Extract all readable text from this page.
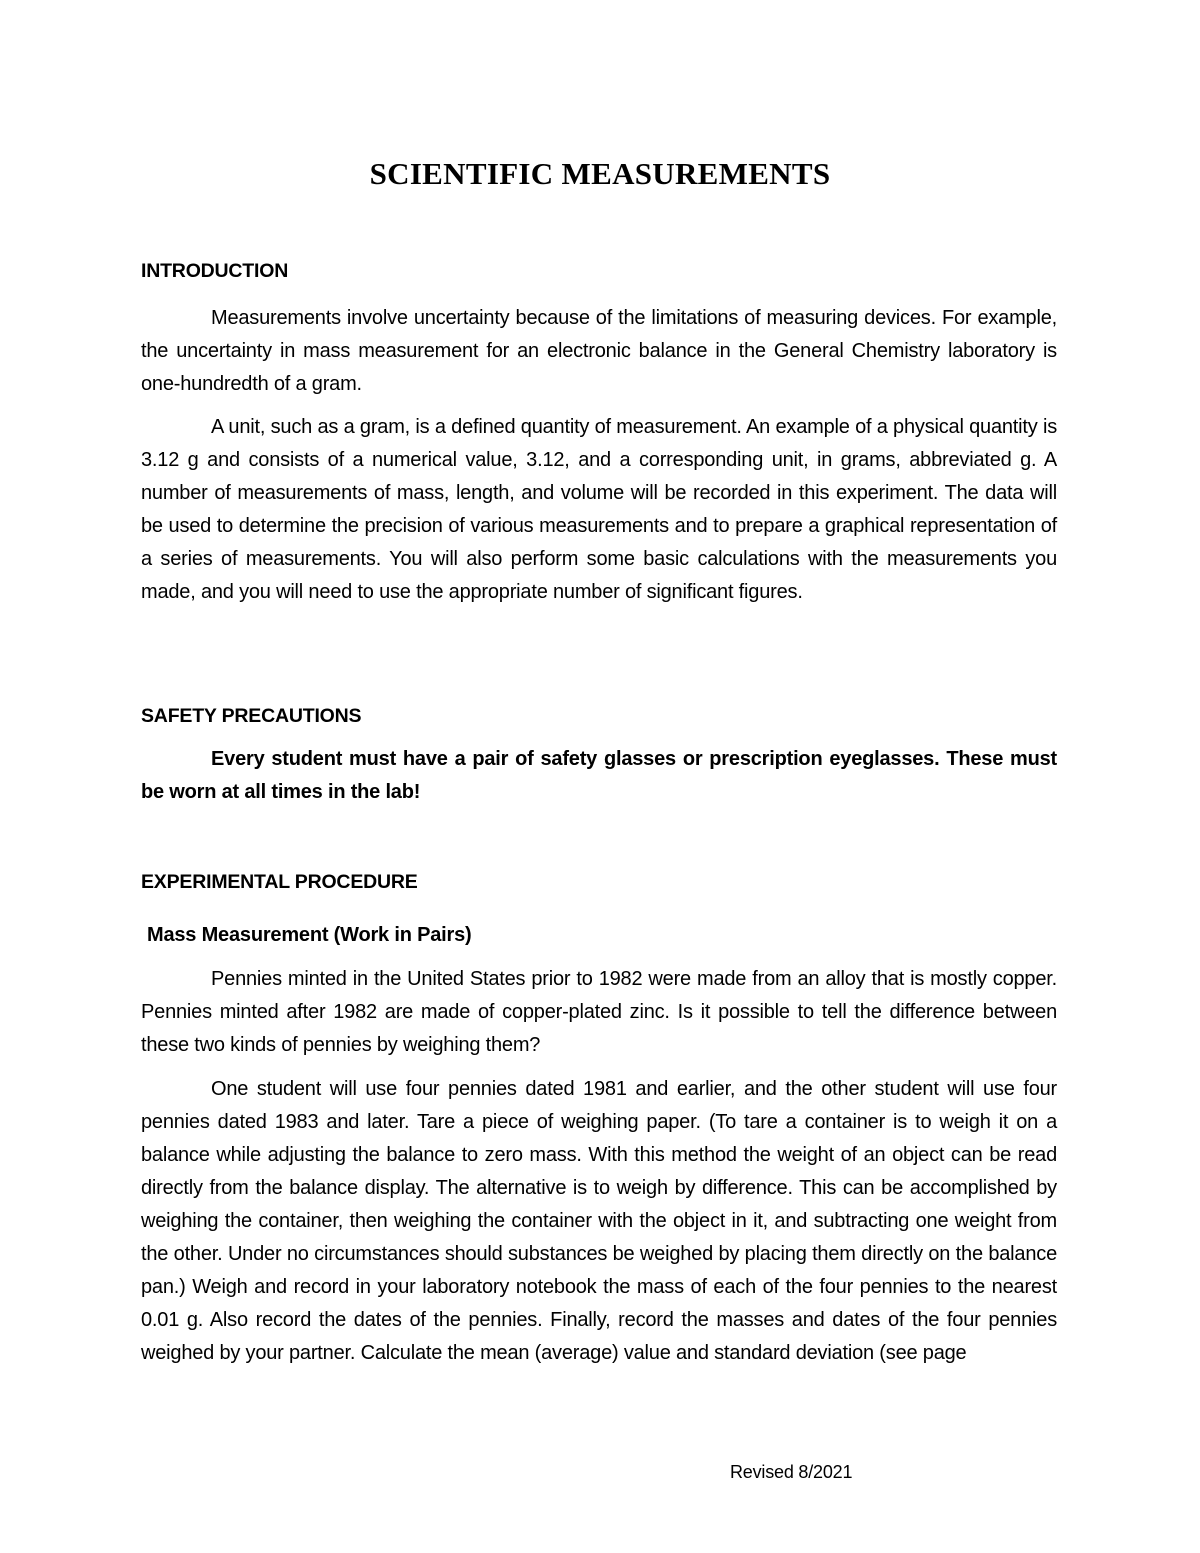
SCIENTIFIC MEASUREMENTS
INTRODUCTION

Measurements involve uncertainty because of the limitations of measuring devices. For example, the uncertainty in mass measurement for an electronic balance in the General Chemistry laboratory is one-hundredth of a gram.

A unit, such as a gram, is a defined quantity of measurement. An example of a physical quantity is 3.12 g and consists of a numerical value, 3.12, and a corresponding unit, in grams, abbreviated g. A number of measurements of mass, length, and volume will be recorded in this experiment. The data will be used to determine the precision of various measurements and to prepare a graphical representation of a series of measurements. You will also perform some basic calculations with the measurements you made, and you will need to use the appropriate number of significant figures.

SAFETY PRECAUTIONS

Every student must have a pair of safety glasses or prescription eyeglasses. These must be worn at all times in the lab!

EXPERIMENTAL PROCEDURE
Mass Measurement (Work in Pairs)

Pennies minted in the United States prior to 1982 were made from an alloy that is mostly copper. Pennies minted after 1982 are made of copper-plated zinc. Is it possible to tell the difference between these two kinds of pennies by weighing them?

One student will use four pennies dated 1981 and earlier, and the other student will use four pennies dated 1983 and later. Tare a piece of weighing paper. (To tare a container is to weigh it on a balance while adjusting the balance to zero mass. With this method the weight of an object can be read directly from the balance display. The alternative is to weigh by difference. This can be accomplished by weighing the container, then weighing the container with the object in it, and subtracting one weight from the other. Under no circumstances should substances be weighed by placing them directly on the balance pan.) Weigh and record in your laboratory notebook the mass of each of the four pennies to the nearest 0.01 g. Also record the dates of the pennies. Finally, record the masses and dates of the four pennies weighed by your partner. Calculate the mean (average) value and standard deviation (see page

Revised 8/2021
